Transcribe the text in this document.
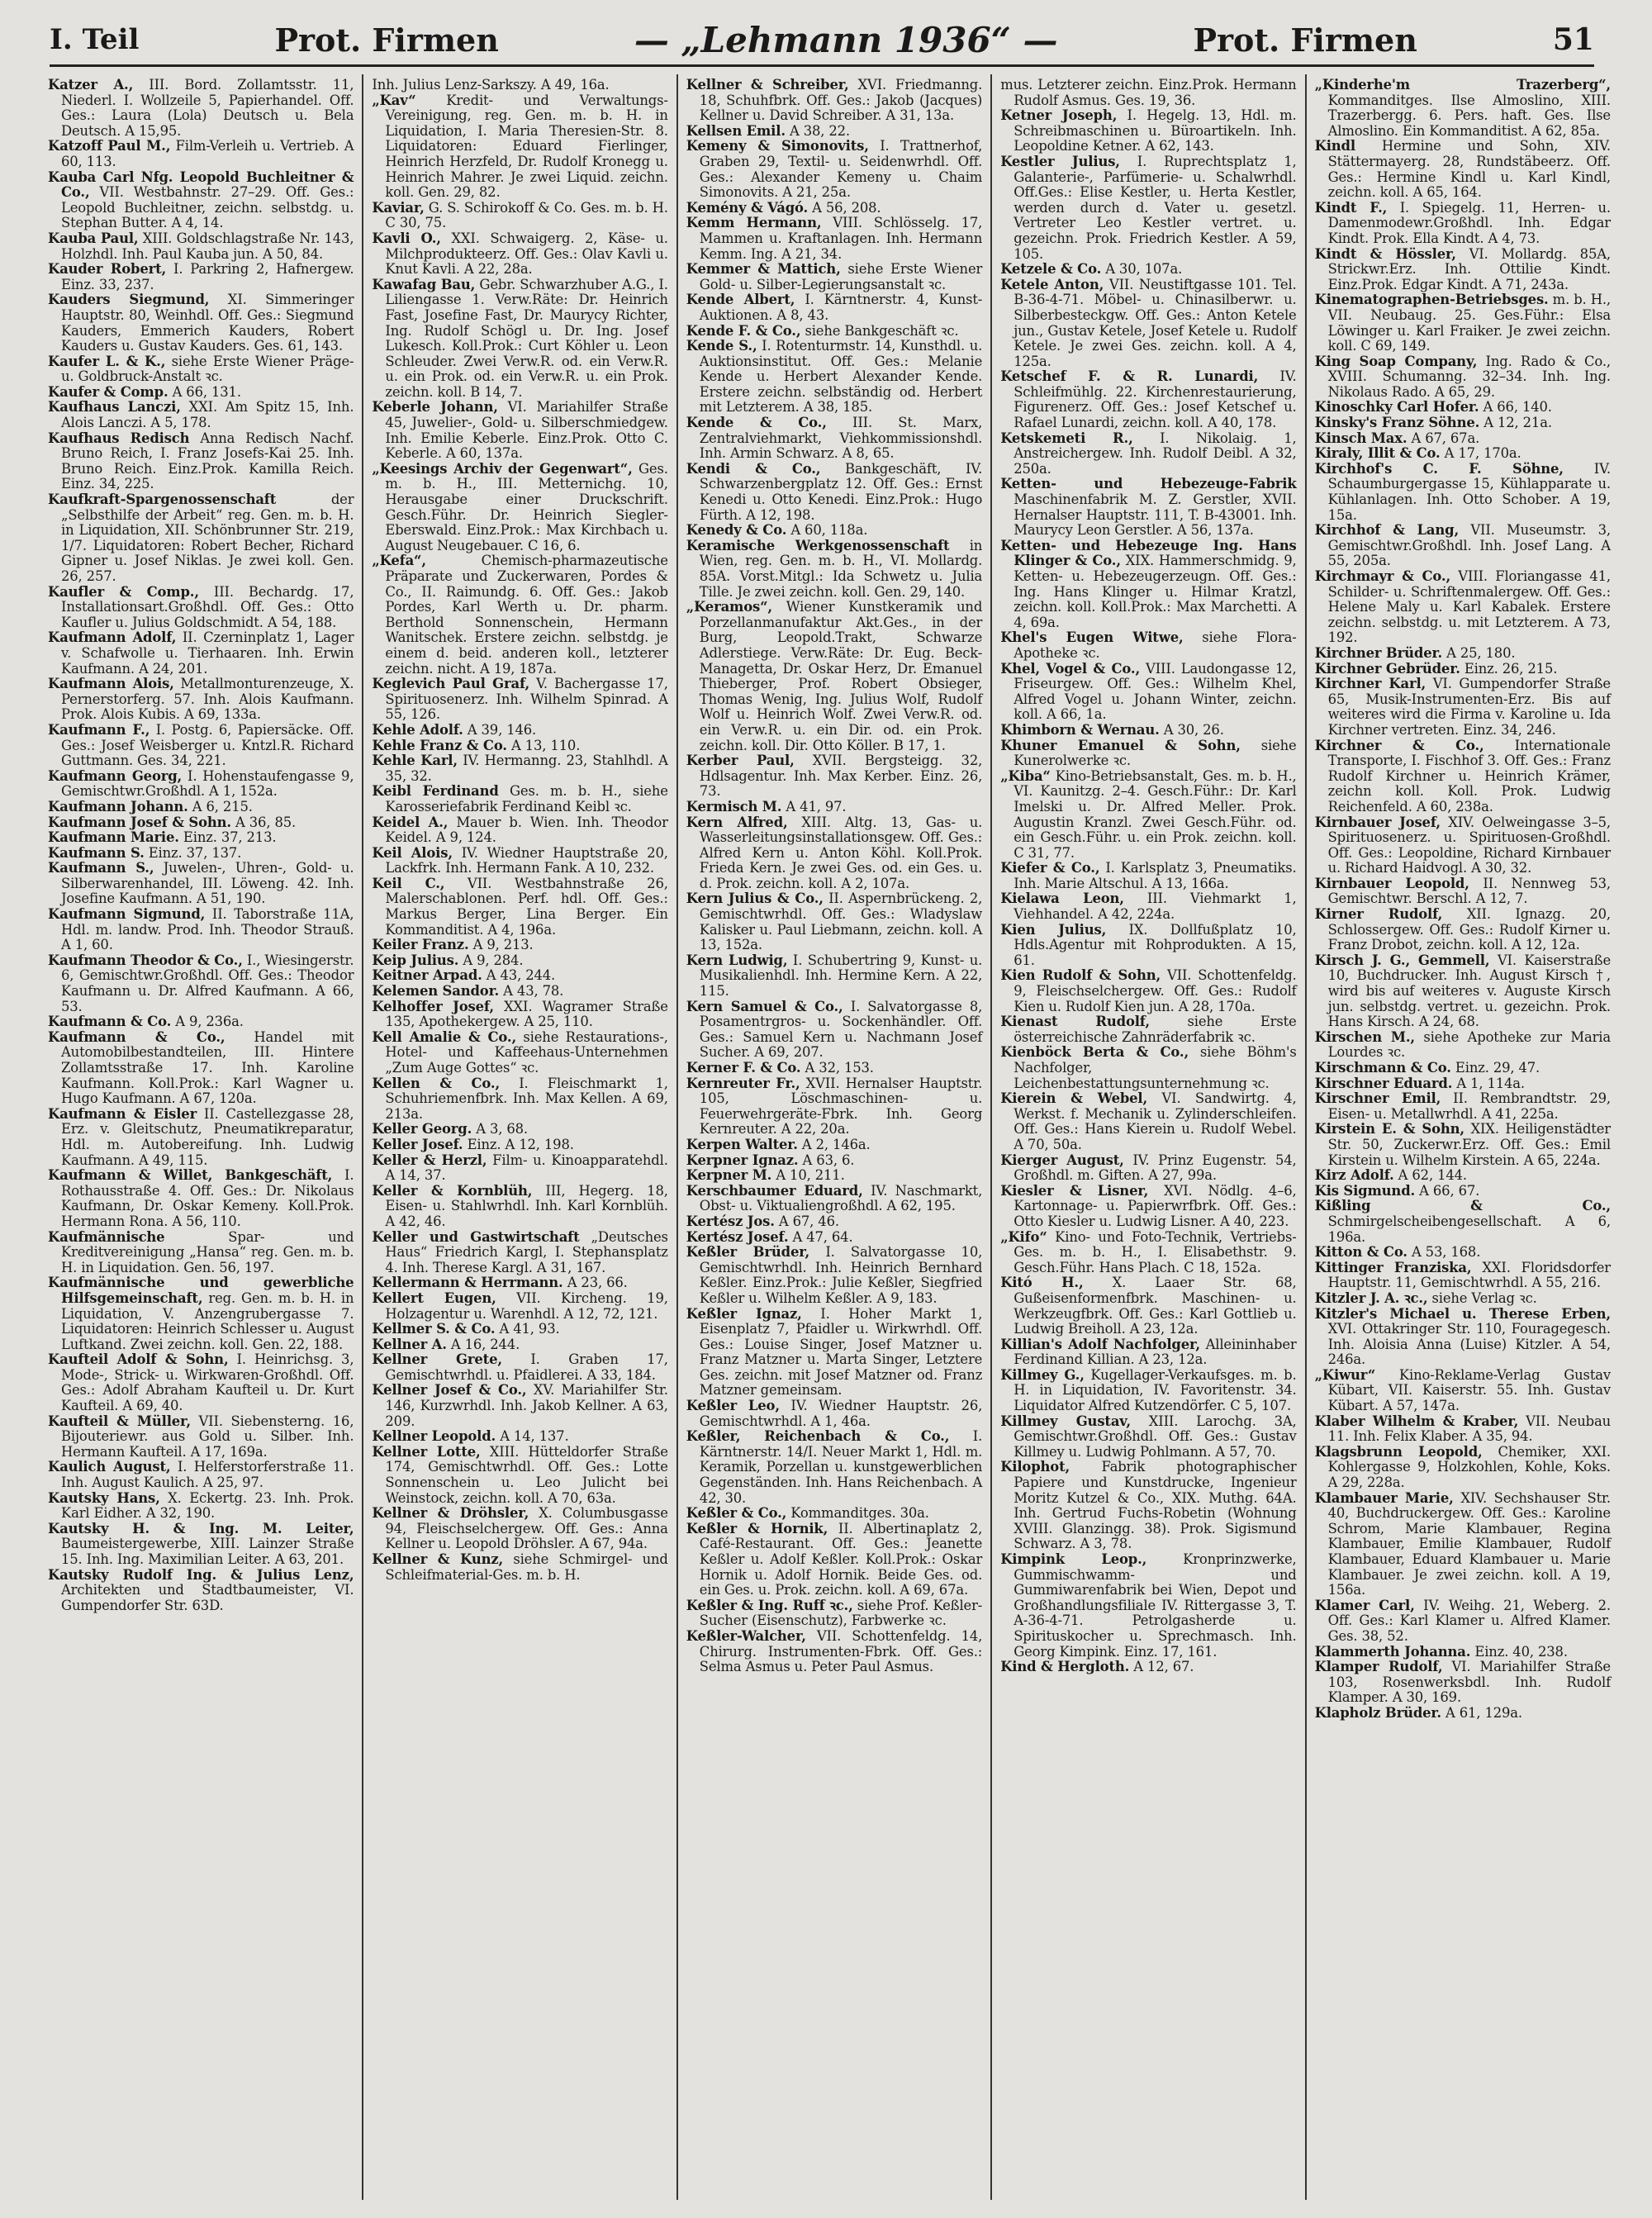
I. Teil	Prot. Firmen	— „Lehmann 1936“ —	Prot. Firmen	51

Katzer A., III. Bord. Zollamtsstr. 11, Niederl. I. Wollzeile 5, Papierhandel. Off. Ges.: Laura (Lola) Deutsch u. Bela Deutsch. A 15,95.

Katzoff Paul M., Film-Verleih u. Vertrieb. A 60, 113.

Kauba Carl Nfg. Leopold Buchleitner & Co., VII. Westbahnstr. 27–29. Off. Ges.: Leopold Buchleitner, zeichn. selbstdg. u. Stephan Butter. A 4, 14.

Kauba Paul, XIII. Goldschlagstraße Nr. 143, Holzhdl. Inh. Paul Kauba jun. A 50, 84.

Kauder Robert, I. Parkring 2, Hafnergew. Einz. 33, 237.

Kauders Siegmund, XI. Simmeringer Hauptstr. 80, Weinhdl. Off. Ges.: Siegmund Kauders, Emmerich Kauders, Robert Kauders u. Gustav Kauders. Ges. 61, 143.

Kaufer L. & K., siehe Erste Wiener Präge- u. Goldbruck-Anstalt ꝛc.

Kaufer & Comp. A 66, 131.

Kaufhaus Lanczi, XXI. Am Spitz 15, Inh. Alois Lanczi. A 5, 178.

Kaufhaus Redisch Anna Redisch Nachf. Bruno Reich, I. Franz Josefs-Kai 25. Inh. Bruno Reich. Einz.Prok. Kamilla Reich. Einz. 34, 225.

Kaufkraft-Spargenossenschaft	der „Selbsthilfe der Arbeit“ reg. Gen. m. b. H. in Liquidation, XII. Schönbrunner Str. 219, 1/7. Liquidatoren: Robert Becher, Richard Gipner u. Josef Niklas. Je zwei koll. Gen. 26, 257.

Kaufler & Comp., III. Bechardg. 17, Installationsart.Großhdl. Off. Ges.: Otto Kaufler u. Julius Goldschmidt. A 54, 188.

Kaufmann Adolf, II. Czerninplatz 1, Lager v. Schafwolle u. Tierhaaren. Inh. Erwin Kaufmann. A 24, 201.

Kaufmann Alois, Metallmonturenzeuge, X. Pernerstorferg. 57. Inh. Alois Kaufmann. Prok. Alois Kubis. A 69, 133a.

Kaufmann F., I. Postg. 6, Papiersäcke. Off. Ges.: Josef Weisberger u. Kntzl.R. Richard Guttmann. Ges. 34, 221.

Kaufmann Georg, I. Hohenstaufengasse 9, Gemischtwr.Großhdl. A 1, 152a.

Kaufmann Johann. A 6, 215.

Kaufmann Josef & Sohn. A 36, 85.

Kaufmann Marie. Einz. 37, 213.

Kaufmann S. Einz. 37, 137.

Kaufmann S., Juwelen-, Uhren-, Gold- u. Silberwarenhandel, III. Löweng. 42. Inh. Josefine Kaufmann. A 51, 190.

Kaufmann Sigmund, II. Taborstraße 11A, Hdl. m. landw. Prod. Inh. Theodor Strauß. A 1, 60.

Kaufmann Theodor & Co., I., Wiesingerstr. 6, Gemischtwr.Großhdl. Off. Ges.: Theodor Kaufmann u. Dr. Alfred Kaufmann. A 66, 53.

Kaufmann & Co. A 9, 236a.

Kaufmann & Co., Handel mit Automobilbestandteilen, III. Hintere Zollamtsstraße 17. Inh. Karoline Kaufmann. Koll.Prok.: Karl Wagner u. Hugo Kaufmann. A 67, 120a.

Kaufmann & Eisler II. Castellezgasse 28, Erz. v. Gleitschutz, Pneumatikreparatur, Hdl. m. Autobereifung. Inh. Ludwig Kaufmann. A 49, 115.

Kaufmann & Willet, Bankgeschäft, I. Rothausstraße 4. Off. Ges.: Dr. Nikolaus Kaufmann, Dr. Oskar Kemeny. Koll.Prok. Hermann Rona. A 56, 110.

Kaufmännische	Spar- und Kreditvereinigung „Hansa“ reg. Gen. m. b. H. in Liquidation. Gen. 56, 197.

Kaufmännische und gewerbliche Hilfsgemeinschaft, reg. Gen. m. b. H. in Liquidation, V. Anzengrubergasse 7. Liquidatoren: Heinrich Schlesser u. August Luftkand. Zwei zeichn. koll. Gen. 22, 188.

Kaufteil Adolf & Sohn, I. Heinrichsg. 3, Mode-, Strick- u. Wirkwaren-Großhdl. Off. Ges.: Adolf Abraham Kaufteil u. Dr. Kurt Kaufteil. A 69, 40.

Kaufteil & Müller, VII. Siebensterng. 16, Bijouteriewr. aus Gold u. Silber. Inh. Hermann Kaufteil. A 17, 169a.

Kaulich August, I. Helferstorferstraße 11. Inh. August Kaulich. A 25, 97.

Kautsky Hans, X. Eckertg. 23. Inh. Prok. Karl Eidher. A 32, 190.

Kautsky H. & Ing. M. Leiter, Baumeistergewerbe, XIII. Lainzer Straße 15. Inh. Ing. Maximilian Leiter. A 63, 201.

Kautsky Rudolf Ing. & Julius Lenz, Architekten und Stadtbaumeister, VI. Gumpendorfer Str. 63D.

Inh. Julius Lenz-Sarkszy. A 49, 16a.

„Kav“ Kredit- und Verwaltungs-Vereinigung, reg. Gen. m. b. H. in Liquidation, I. Maria Theresien-Str. 8. Liquidatoren: Eduard Fierlinger, Heinrich Herzfeld, Dr. Rudolf Kronegg u. Heinrich Mahrer. Je zwei Liquid. zeichn. koll. Gen. 29, 82.

Kaviar, G. S. Schirokoff & Co. Ges. m. b. H. C 30, 75.

Kavli O., XXI. Schwaigerg. 2, Käse- u. Milchprodukteerz. Off. Ges.: Olav Kavli u. Knut Kavli. A 22, 28a.

Kawafag Bau, Gebr. Schwarzhuber A.G., I. Liliengasse 1. Verw.Räte: Dr. Heinrich Fast, Josefine Fast, Dr. Maurycy Richter, Ing. Rudolf Schögl u. Dr. Ing. Josef Lukesch. Koll.Prok.: Curt Köhler u. Leon Schleuder. Zwei Verw.R. od. ein Verw.R. u. ein Prok. od. ein Verw.R. u. ein Prok. zeichn. koll. B 14, 7.

Keberle Johann, VI. Mariahilfer Straße 45, Juwelier-, Gold- u. Silberschmiedgew. Inh. Emilie Keberle. Einz.Prok. Otto C. Keberle. A 60, 137a.

„Keesings Archiv der Gegenwart“, Ges. m. b. H., III. Metternichg. 10, Herausgabe einer Druckschrift. Gesch.Führ. Dr. Heinrich Siegler-Eberswald. Einz.Prok.: Max Kirchbach u. August Neugebauer. C 16, 6.

„Kefa“,	Chemisch-pharmazeutische Präparate und Zuckerwaren, Pordes & Co., II. Raimundg. 6. Off. Ges.: Jakob Pordes, Karl Werth u. Dr. pharm. Berthold Sonnenschein, Hermann Wanitschek. Erstere zeichn. selbstdg. je einem d. beid. anderen koll., letzterer zeichn. nicht. A 19, 187a.

Keglevich Paul Graf, V. Bachergasse 17, Spirituosenerz. Inh. Wilhelm Spinrad. A 55, 126.

Kehle Adolf. A 39, 146.

Kehle Franz & Co. A 13, 110.

Kehle Karl, IV. Hermanng. 23, Stahlhdl. A 35, 32.

Keibl Ferdinand Ges. m. b. H., siehe Karosseriefabrik Ferdinand Keibl ꝛc.

Keidel A., Mauer b. Wien. Inh. Theodor Keidel. A 9, 124.

Keil Alois, IV. Wiedner Hauptstraße 20, Lackfrk. Inh. Hermann Fank. A 10, 232.

Keil C., VII. Westbahnstraße 26, Malerschablonen. Perf. hdl. Off. Ges.: Markus Berger, Lina Berger. Ein Kommanditist. A 4, 196a.

Keiler Franz. A 9, 213.

Keip Julius. A 9, 284.

Keitner Arpad. A 43, 244.

Kelemen Sandor. A 43, 78.

Kelhoffer Josef, XXI. Wagramer Straße 135, Apothekergew. A 25, 110.

Kell Amalie & Co., siehe Restaurations-, Hotel- und Kaffeehaus-Unternehmen „Zum Auge Gottes“ ꝛc.

Kellen & Co., I. Fleischmarkt 1, Schuhriemenfbrk. Inh. Max Kellen. A 69, 213a.

Keller Georg. A 3, 68.

Keller Josef. Einz. A 12, 198.

Keller & Herzl, Film- u. Kinoapparatehdl. A 14, 37.

Keller & Kornblüh, III, Hegerg. 18, Eisen- u. Stahlwrhdl. Inh. Karl Kornblüh. A 42, 46.

Keller und Gastwirtschaft „Deutsches Haus“ Friedrich Kargl, I. Stephansplatz 4. Inh. Therese Kargl. A 31, 167.

Kellermann & Herrmann. A 23, 66.

Kellert Eugen, VII. Kircheng. 19, Holzagentur u. Warenhdl. A 12, 72, 121.

Kellmer S. & Co. A 41, 93.

Kellner A. A 16, 244.

Kellner Grete, I. Graben 17, Gemischtwrhdl. u. Pfaidlerei. A 33, 184.

Kellner Josef & Co., XV. Mariahilfer Str. 146, Kurzwrhdl. Inh. Jakob Kellner. A 63, 209.

Kellner Leopold. A 14, 137.

Kellner Lotte, XIII. Hütteldorfer Straße 174, Gemischtwrhdl. Off. Ges.: Lotte Sonnenschein u. Leo Julicht bei Weinstock, zeichn. koll. A 70, 63a.

Kellner & Dröhsler, X. Columbusgasse 94, Fleischselchergew. Off. Ges.: Anna Kellner u. Leopold Dröhsler. A 67, 94a.

Kellner & Kunz, siehe Schmirgel- und Schleifmaterial-Ges. m. b. H.

Kellner & Schreiber, XVI. Friedmanng. 18, Schuhfbrk. Off. Ges.: Jakob (Jacques) Kellner u. David Schreiber. A 31, 13a.

Kellsen Emil. A 38, 22.

Kemeny & Simonovits, I. Trattnerhof, Graben 29, Textil- u. Seidenwrhdl. Off. Ges.: Alexander Kemeny u. Chaim Simonovits. A 21, 25a.

Kemény & Vágó. A 56, 208.

Kemm Hermann, VIII. Schlösselg. 17, Mammen u. Kraftanlagen. Inh. Hermann Kemm. Ing. A 21, 34.

Kemmer & Mattich, siehe Erste Wiener Gold- u. Silber-Legierungsanstalt ꝛc.

Kende Albert, I. Kärntnerstr. 4, Kunst-Auktionen. A 8, 43.

Kende F. & Co., siehe Bankgeschäft ꝛc.

Kende S., I. Rotenturmstr. 14, Kunsthdl. u. Auktionsinstitut. Off. Ges.: Melanie Kende u. Herbert Alexander Kende. Erstere zeichn. selbständig od. Herbert mit Letzterem. A 38, 185.

Kende & Co., III. St. Marx, Zentralviehmarkt, Viehkommissionshdl. Inh. Armin Schwarz. A 8, 65.

Kendi & Co., Bankgeschäft, IV. Schwarzenbergplatz 12. Off. Ges.: Ernst Kenedi u. Otto Kenedi. Einz.Prok.: Hugo Fürth. A 12, 198.

Kenedy & Co. A 60, 118a.

Keramische Werkgenossenschaft in Wien, reg. Gen. m. b. H., VI. Mollardg. 85A. Vorst.Mitgl.: Ida Schwetz u. Julia Tille. Je zwei zeichn. koll. Gen. 29, 140.

„Keramos“, Wiener Kunstkeramik und Porzellanmanufaktur Akt.Ges., in der Burg, Leopold.Trakt, Schwarze Adlerstiege. Verw.Räte: Dr. Eug. Beck-Managetta, Dr. Oskar Herz, Dr. Emanuel Thieberger, Prof. Robert Obsieger, Thomas Wenig, Ing. Julius Wolf, Rudolf Wolf u. Heinrich Wolf. Zwei Verw.R. od. ein Verw.R. u. ein Dir. od. ein Prok. zeichn. koll. Dir. Otto Köller. B 17, 1.

Kerber Paul, XVII. Bergsteigg. 32, Hdlsagentur. Inh. Max Kerber. Einz. 26, 73.

Kermisch M. A 41, 97.

Kern Alfred, XIII. Altg. 13, Gas- u. Wasserleitungsinstallationsgew. Off. Ges.: Alfred Kern u. Anton Köhl. Koll.Prok. Frieda Kern. Je zwei Ges. od. ein Ges. u. d. Prok. zeichn. koll. A 2, 107a.

Kern Julius & Co., II. Aspernbrückeng. 2, Gemischtwrhdl. Off. Ges.: Wladyslaw Kalisker u. Paul Liebmann, zeichn. koll. A 13, 152a.

Kern Ludwig, I. Schubertring 9, Kunst- u. Musikalienhdl. Inh. Hermine Kern. A 22, 115.

Kern Samuel & Co., I. Salvatorgasse 8, Posamentrgros- u. Sockenhändler. Off. Ges.: Samuel Kern u. Nachmann Josef Sucher. A 69, 207.

Kerner F. & Co. A 32, 153.

Kernreuter Fr., XVII. Hernalser Hauptstr. 105, Löschmaschinen- u. Feuerwehrgeräte-Fbrk. Inh. Georg Kernreuter. A 22, 20a.

Kerpen Walter. A 2, 146a.

Kerpner Ignaz. A 63, 6.

Kerpner M. A 10, 211.

Kerschbaumer Eduard, IV. Naschmarkt, Obst- u. Viktualiengroßhdl. A 62, 195.

Kertész Jos. A 67, 46.

Kertész Josef. A 47, 64.

Keßler Brüder, I. Salvatorgasse 10, Gemischtwrhdl. Inh. Heinrich Bernhard Keßler. Einz.Prok.: Julie Keßler, Siegfried Keßler u. Wilhelm Keßler. A 9, 183.

Keßler Ignaz, I. Hoher Markt 1, Eisenplatz 7, Pfaidler u. Wirkwrhdl. Off. Ges.: Louise Singer, Josef Matzner u. Franz Matzner u. Marta Singer, Letztere Ges. zeichn. mit Josef Matzner od. Franz Matzner gemeinsam.

Keßler Leo, IV. Wiedner Hauptstr. 26, Gemischtwrhdl. A 1, 46a.

Keßler, Reichenbach & Co., I. Kärntnerstr. 14/I. Neuer Markt 1, Hdl. m. Keramik, Porzellan u. kunstgewerblichen Gegenständen. Inh. Hans Reichenbach. A 42, 30.

Keßler & Co., Kommanditges. 30a.

Keßler & Hornik, II. Albertinaplatz 2, Café-Restaurant. Off. Ges.: Jeanette Keßler u. Adolf Keßler. Koll.Prok.: Oskar Hornik u. Adolf Hornik. Beide Ges. od. ein Ges. u. Prok. zeichn. koll. A 69, 67a.

Keßler & Ing. Ruff ꝛc., siehe Prof. Keßler-Sucher (Eisenschutz), Farbwerke ꝛc.

Keßler-Walcher, VII. Schottenfeldg. 14, Chirurg. Instrumenten-Fbrk. Off. Ges.: Selma Asmus u. Peter Paul Asmus.

mus. Letzterer zeichn. Einz.Prok. Hermann Rudolf Asmus. Ges. 19, 36.

Ketner Joseph, I. Hegelg. 13, Hdl. m. Schreibmaschinen u. Büroartikeln. Inh. Leopoldine Ketner. A 62, 143.

Kestler Julius, I. Ruprechtsplatz 1, Galanterie-, Parfümerie- u. Schalwrhdl. Off.Ges.: Elise Kestler, u. Herta Kestler, werden durch d. Vater u. gesetzl. Vertreter Leo Kestler vertret. u. gezeichn. Prok. Friedrich Kestler. A 59, 105.

Ketzele & Co. A 30, 107a.

Ketele Anton, VII. Neustiftgasse 101. Tel. B-36-4-71. Möbel- u. Chinasilberwr. u. Silberbesteckgw. Off. Ges.: Anton Ketele jun., Gustav Ketele, Josef Ketele u. Rudolf Ketele. Je zwei Ges. zeichn. koll. A 4, 125a.

Ketschef F. & R. Lunardi, IV. Schleifmühlg. 22. Kirchenrestaurierung, Figurenerz. Off. Ges.: Josef Ketschef u. Rafael Lunardi, zeichn. koll. A 40, 178.

Ketskemeti R., I. Nikolaig. 1, Anstreichergew. Inh. Rudolf Deibl. A 32, 250a.

Ketten- und Hebezeuge-Fabrik Maschinenfabrik M. Z. Gerstler, XVII. Hernalser Hauptstr. 111, T. B-43001. Inh. Maurycy Leon Gerstler. A 56, 137a.

Ketten- und Hebezeuge Ing. Hans Klinger & Co., XIX. Hammerschmidg. 9, Ketten- u. Hebezeugerzeugn. Off. Ges.: Ing. Hans Klinger u. Hilmar Kratzl, zeichn. koll. Koll.Prok.: Max Marchetti. A 4, 69a.

Khel's Eugen Witwe, siehe Flora-Apotheke ꝛc.

Khel, Vogel & Co., VIII. Laudongasse 12, Friseurgew. Off. Ges.: Wilhelm Khel, Alfred Vogel u. Johann Winter, zeichn. koll. A 66, 1a.

Khimborn & Wernau. A 30, 26.

Khuner Emanuel & Sohn, siehe Kunerolwerke ꝛc.

„Kiba“ Kino-Betriebsanstalt, Ges. m. b. H., VI. Kaunitzg. 2–4. Gesch.Führ.: Dr. Karl Imelski u. Dr. Alfred Meller. Prok. Augustin Kranzl. Zwei Gesch.Führ. od. ein Gesch.Führ. u. ein Prok. zeichn. koll. C 31, 77.

Kiefer & Co., I. Karlsplatz 3, Pneumatiks. Inh. Marie Altschul. A 13, 166a.

Kielawa Leon, III. Viehmarkt 1, Viehhandel. A 42, 224a.

Kien Julius, IX. Dollfußplatz 10, Hdls.Agentur mit Rohprodukten. A 15, 61.

Kien Rudolf & Sohn, VII. Schottenfeldg. 9, Fleischselchergew. Off. Ges.: Rudolf Kien u. Rudolf Kien jun. A 28, 170a.

Kienast Rudolf,	siehe Erste österreichische Zahnräderfabrik ꝛc.

Kienböck Berta & Co., siehe Böhm's Nachfolger, Leichenbestattungsunternehmung ꝛc.

Kierein & Webel, VI. Sandwirtg. 4, Werkst. f. Mechanik u. Zylinderschleifen. Off. Ges.: Hans Kierein u. Rudolf Webel. A 70, 50a.

Kierger August, IV. Prinz Eugenstr. 54, Großhdl. m. Giften. A 27, 99a.

Kiesler & Lisner, XVI. Nödlg. 4–6, Kartonnage- u. Papierwrfbrk. Off. Ges.: Otto Kiesler u. Ludwig Lisner. A 40, 223.

„Kifo“ Kino- und Foto-Technik, Vertriebs-Ges. m. b. H., I. Elisabethstr. 9. Gesch.Führ. Hans Plach. C 18, 152a.

Kitó H., X. Laaer Str. 68, Gußeisenformenfbrk. Maschinen- u. Werkzeugfbrk. Off. Ges.: Karl Gottlieb u. Ludwig Breiholl. A 23, 12a.

Killian's Adolf Nachfolger, Alleininhaber Ferdinand Killian. A 23, 12a.

Killmey G., Kugellager-Verkaufsges. m. b. H. in Liquidation, IV. Favoritenstr. 34. Liquidator Alfred Kutzendörfer. C 5, 107.

Killmey Gustav, XIII. Larochg. 3A, Gemischtwr.Großhdl. Off. Ges.: Gustav Killmey u. Ludwig Pohlmann. A 57, 70.

Kilophot, Fabrik photographischer Papiere und Kunstdrucke, Ingenieur Moritz Kutzel & Co., XIX. Muthg. 64A. Inh. Gertrud Fuchs-Robetin (Wohnung XVIII. Glanzingg. 38). Prok. Sigismund Schwarz. A 3, 78.

Kimpink Leop.,	Kronprinzwerke, Gummischwamm- und Gummiwarenfabrik bei Wien, Depot und Großhandlungsfiliale IV. Rittergasse 3, T. A-36-4-71. Petrolgasherde u. Spirituskocher u. Sprechmasch. Inh. Georg Kimpink. Einz. 17, 161.

Kind & Hergloth. A 12, 67.

„Kinderhe'm Trazerberg“, Kommanditges. Ilse Almoslino, XIII. Trazerbergg. 6. Pers. haft. Ges. Ilse Almoslino. Ein Kommanditist. A 62, 85a.

Kindl Hermine und Sohn, XIV. Stättermayerg. 28, Rundstäbeerz. Off. Ges.: Hermine Kindl u. Karl Kindl, zeichn. koll. A 65, 164.

Kindt F., I. Spiegelg. 11, Herren- u. Damenmodewr.Großhdl. Inh. Edgar Kindt. Prok. Ella Kindt. A 4, 73.

Kindt & Hössler, VI. Mollardg. 85A, Strickwr.Erz. Inh. Ottilie Kindt. Einz.Prok. Edgar Kindt. A 71, 243a.

Kinematographen-Betriebsges. m. b. H., VII. Neubaug. 25. Ges.Führ.: Elsa Löwinger u. Karl Fraiker. Je zwei zeichn. koll. C 69, 149.

King Soap Company, Ing. Rado & Co., XVIII. Schumanng. 32–34. Inh. Ing. Nikolaus Rado. A 65, 29.

Kinoschky Carl Hofer. A 66, 140.

Kinsky's Franz Söhne. A 12, 21a.

Kinsch Max. A 67, 67a.

Kiraly, Illit & Co. A 17, 170a.

Kirchhof's C. F. Söhne, IV. Schaumburgergasse 15, Kühlapparate u. Kühlanlagen. Inh. Otto Schober. A 19, 15a.

Kirchhof & Lang, VII. Museumstr. 3, Gemischtwr.Großhdl. Inh. Josef Lang. A 55, 205a.

Kirchmayr & Co., VIII. Floriangasse 41, Schilder- u. Schriftenmalergew. Off. Ges.: Helene Maly u. Karl Kabalek. Erstere zeichn. selbstdg. u. mit Letzterem. A 73, 192.

Kirchner Brüder. A 25, 180.

Kirchner Gebrüder. Einz. 26, 215.

Kirchner Karl, VI. Gumpendorfer Straße 65, Musik-Instrumenten-Erz. Bis auf weiteres wird die Firma v. Karoline u. Ida Kirchner vertreten. Einz. 34, 246.

Kirchner & Co., Internationale Transporte, I. Fischhof 3. Off. Ges.: Franz Rudolf Kirchner u. Heinrich Krämer, zeichn koll. Koll. Prok. Ludwig Reichenfeld. A 60, 238a.

Kirnbauer Josef, XIV. Oelweingasse 3–5, Spirituosenerz. u. Spirituosen-Großhdl. Off. Ges.: Leopoldine, Richard Kirnbauer u. Richard Haidvogl. A 30, 32.

Kirnbauer Leopold, II. Nennweg 53, Gemischtwr. Berschl. A 12, 7.

Kirner Rudolf, XII. Ignazg. 20, Schlossergew. Off. Ges.: Rudolf Kirner u. Franz Drobot, zeichn. koll. A 12, 12a.

Kirsch J. G., Gemmell, VI. Kaiserstraße 10, Buchdrucker. Inh. August Kirsch †, wird bis auf weiteres v. Auguste Kirsch jun. selbstdg. vertret. u. gezeichn. Prok. Hans Kirsch. A 24, 68.

Kirschen M., siehe Apotheke zur Maria Lourdes ꝛc.

Kirschmann & Co. Einz. 29, 47.

Kirschner Eduard. A 1, 114a.

Kirschner Emil, II. Rembrandtstr. 29, Eisen- u. Metallwrhdl. A 41, 225a.

Kirstein E. & Sohn, XIX. Heiligenstädter Str. 50, Zuckerwr.Erz. Off. Ges.: Emil Kirstein u. Wilhelm Kirstein. A 65, 224a.

Kirz Adolf. A 62, 144.

Kis Sigmund. A 66, 67.

Kißling & Co., Schmirgelscheibengesellschaft. A 6, 196a.

Kitton & Co. A 53, 168.

Kittinger Franziska, XXI. Floridsdorfer Hauptstr. 11, Gemischtwrhdl. A 55, 216.

Kitzler J. A. ꝛc., siehe Verlag ꝛc.

Kitzler's Michael u. Therese Erben, XVI. Ottakringer Str. 110, Fouragegesch. Inh. Aloisia Anna (Luise) Kitzler. A 54, 246a.

„Kiwur“ Kino-Reklame-Verlag Gustav Kübart, VII. Kaiserstr. 55. Inh. Gustav Kübart. A 57, 147a.

Klaber Wilhelm & Kraber, VII. Neubau 11. Inh. Felix Klaber. A 35, 94.

Klagsbrunn Leopold, Chemiker, XXI. Kohlergasse 9, Holzkohlen, Kohle, Koks. A 29, 228a.

Klambauer Marie, XIV. Sechshauser Str. 40, Buchdruckergew. Off. Ges.: Karoline Schrom, Marie Klambauer, Regina Klambauer, Emilie Klambauer, Rudolf Klambauer, Eduard Klambauer u. Marie Klambauer. Je zwei zeichn. koll. A 19, 156a.

Klamer Carl, IV. Weihg. 21, Weberg. 2. Off. Ges.: Karl Klamer u. Alfred Klamer. Ges. 38, 52.

Klammerth Johanna. Einz. 40, 238.

Klamper Rudolf, VI. Mariahilfer Straße 103, Rosenwerksbdl. Inh. Rudolf Klamper. A 30, 169.

Klapholz Brüder. A 61, 129a.
